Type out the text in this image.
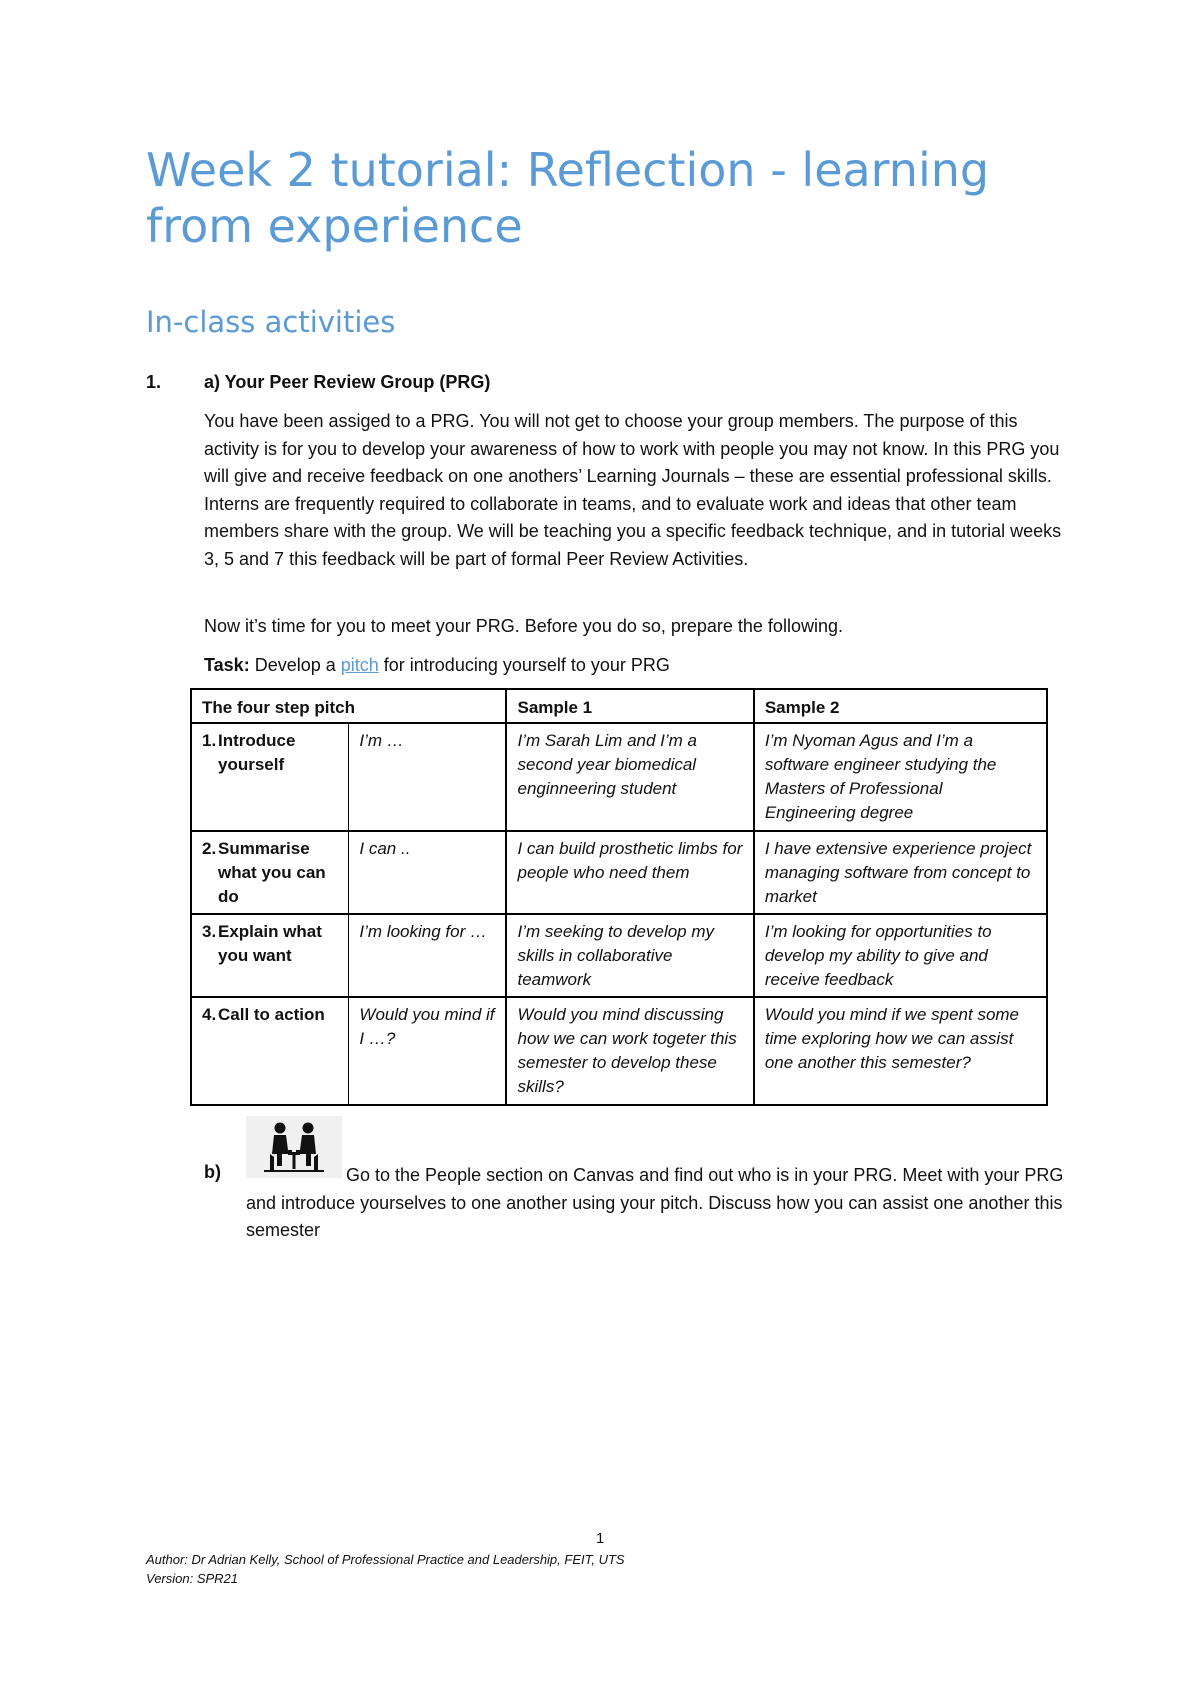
Week 2 tutorial: Reflection - learning from experience
In-class activities
1. a) Your Peer Review Group (PRG)

You have been assiged to a PRG. You will not get to choose your group members. The purpose of this activity is for you to develop your awareness of how to work with people you may not know. In this PRG you will give and receive feedback on one anothers’ Learning Journals – these are essential professional skills. Interns are frequently required to collaborate in teams, and to evaluate work and ideas that other team members share with the group. We will be teaching you a specific feedback technique, and in tutorial weeks 3, 5 and 7 this feedback will be part of formal Peer Review Activities.

Now it’s time for you to meet your PRG. Before you do so, prepare the following.

Task: Develop a pitch for introducing yourself to your PRG

The four step pitch		Sample 1	Sample 2
1. Introduce yourself	I’m …	I’m Sarah Lim and I’m a second year biomedical enginneering student	I’m Nyoman Agus and I’m a software engineer studying the Masters of Professional Engineering degree
2. Summarise what you can do	I can ..	I can build prosthetic limbs for people who need them	I have extensive experience project managing software from concept to market
3. Explain what you want	I’m looking for …	I’m seeking to develop my skills in collaborative teamwork	I’m looking for opportunities to develop my ability to give and receive feedback
4. Call to action	Would you mind if I …?	Would you mind discussing how we can work togeter this semester to develop these skills?	Would you mind if we spent some time exploring how we can assist one another this semester?
b)	Go to the People section on Canvas and find out who is in your PRG. Meet with your PRG and introduce yourselves to one another using your pitch. Discuss how you can assist one another this semester

1
Author: Dr Adrian Kelly, School of Professional Practice and Leadership, FEIT, UTS
Version: SPR21
